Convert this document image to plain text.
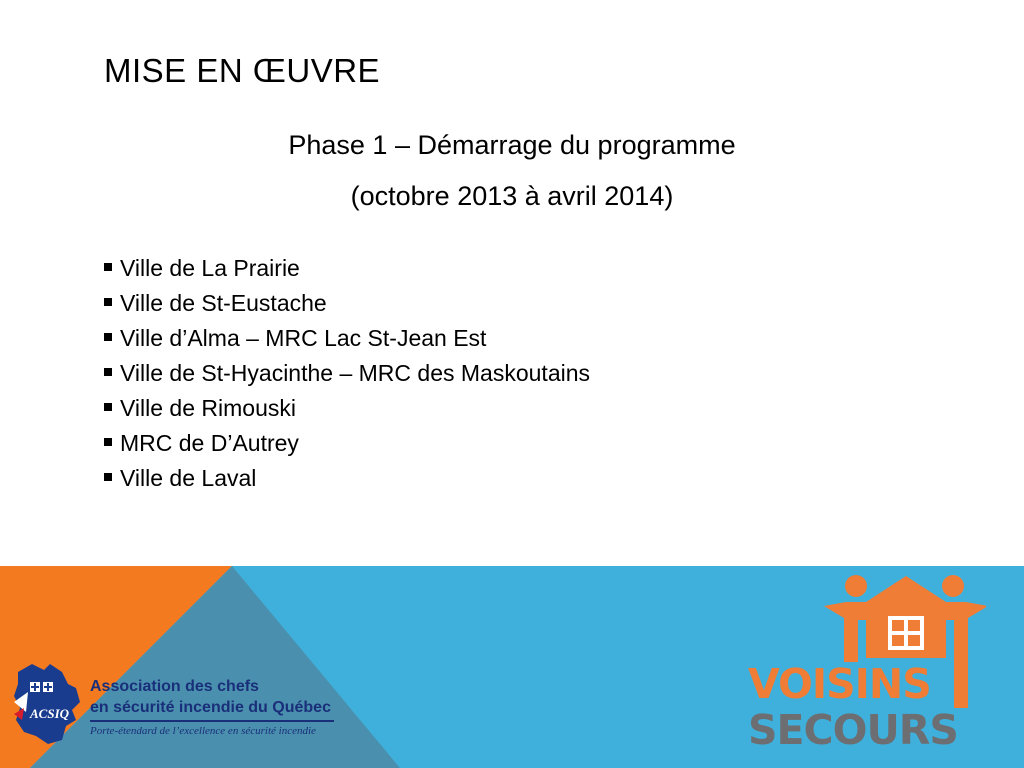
MISE EN ŒUVRE
Phase 1 – Démarrage du programme
(octobre 2013 à avril 2014)
Ville de La Prairie
Ville de St-Eustache
Ville d’Alma – MRC Lac St-Jean Est
Ville de St-Hyacinthe – MRC des Maskoutains
Ville de Rimouski
MRC de D’Autrey
Ville de Laval
ACSIQ
Association des chefs
en sécurité incendie du Québec
Porte-étendard de l’excellence en sécurité incendie
VOISINS
SECOURS
